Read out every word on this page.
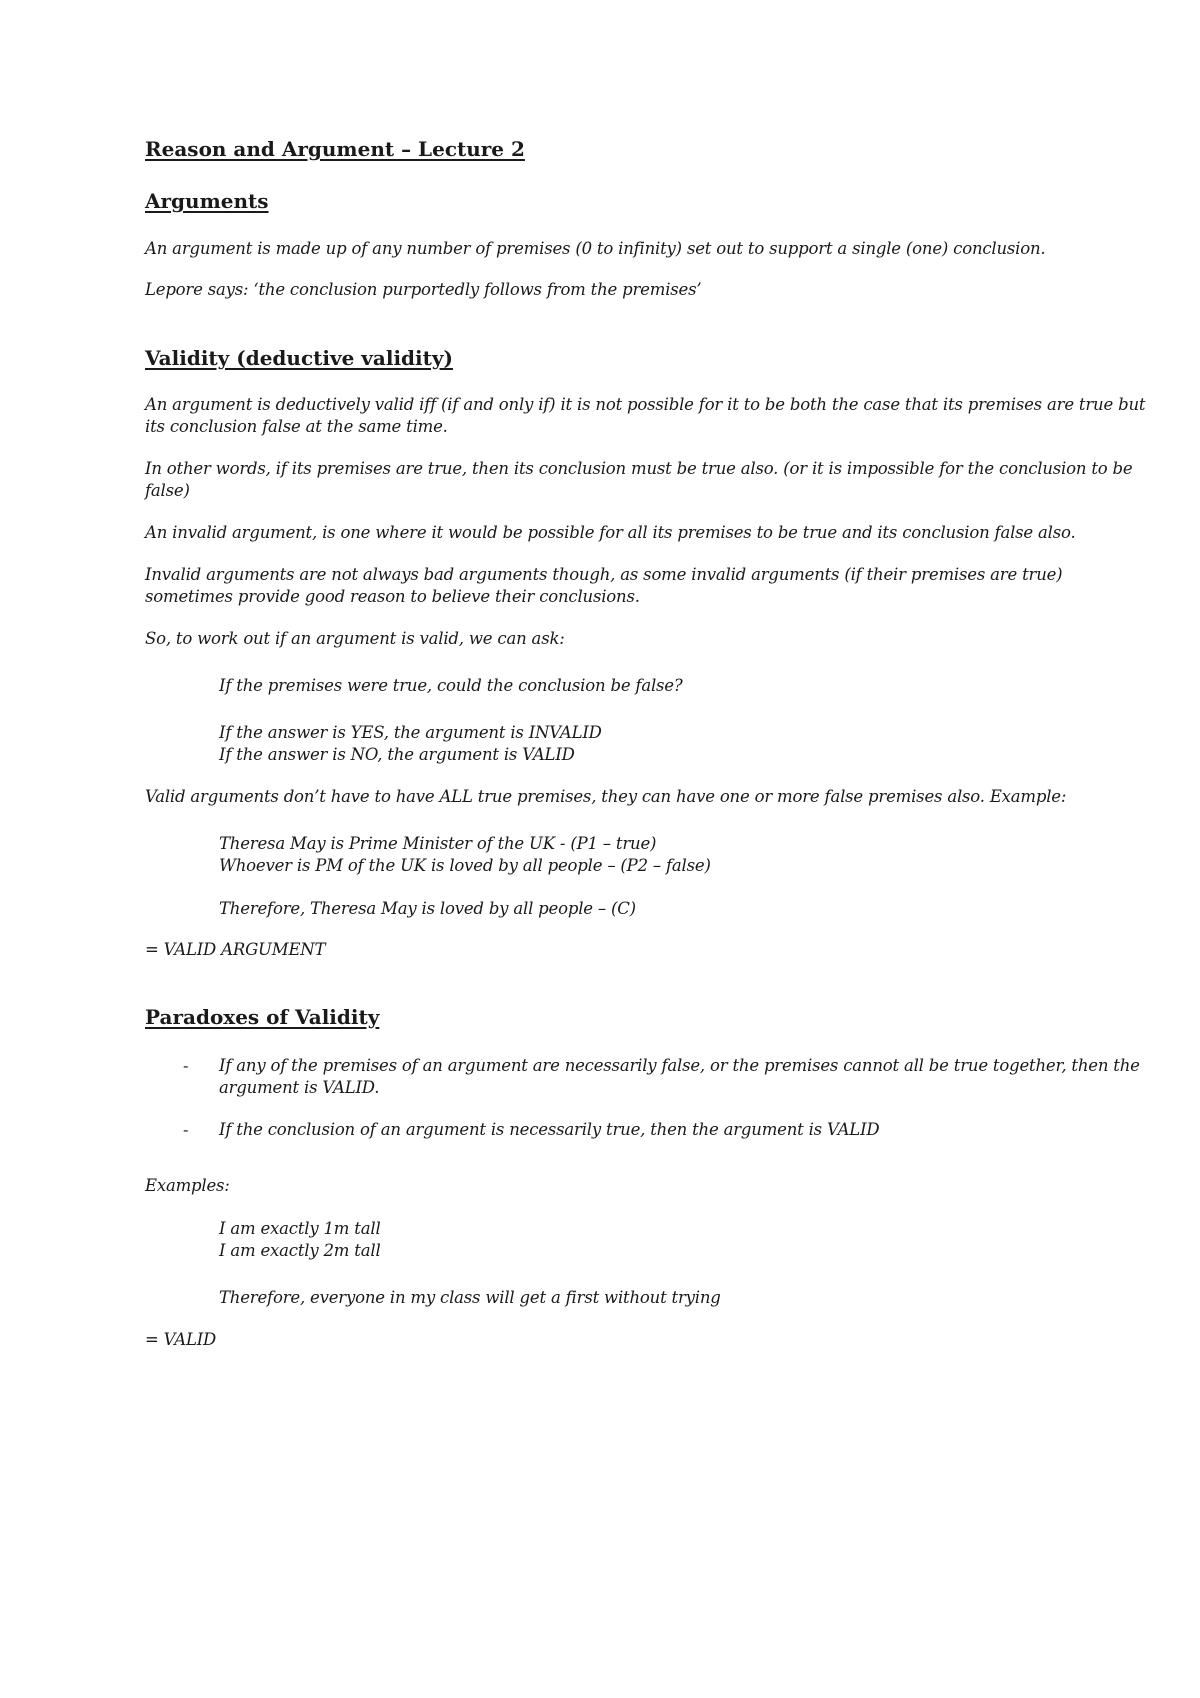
Reason and Argument – Lecture 2
Arguments
An argument is made up of any number of premises (0 to infinity) set out to support a single (one) conclusion.
Lepore says: ‘the conclusion purportedly follows from the premises’
Validity (deductive validity)
An argument is deductively valid iff (if and only if) it is not possible for it to be both the case that its premises are true but
its conclusion false at the same time.
In other words, if its premises are true, then its conclusion must be true also. (or it is impossible for the conclusion to be
false)
An invalid argument, is one where it would be possible for all its premises to be true and its conclusion false also.
Invalid arguments are not always bad arguments though, as some invalid arguments (if their premises are true)
sometimes provide good reason to believe their conclusions.
So, to work out if an argument is valid, we can ask:
If the premises were true, could the conclusion be false?
If the answer is YES, the argument is INVALID
If the answer is NO, the argument is VALID
Valid arguments don’t have to have ALL true premises, they can have one or more false premises also. Example:
Theresa May is Prime Minister of the UK - (P1 – true)
Whoever is PM of the UK is loved by all people – (P2 – false)
Therefore, Theresa May is loved by all people – (C)
= VALID ARGUMENT
Paradoxes of Validity
- If any of the premises of an argument are necessarily false, or the premises cannot all be true together, then the
argument is VALID.
- If the conclusion of an argument is necessarily true, then the argument is VALID
Examples:
I am exactly 1m tall
I am exactly 2m tall
Therefore, everyone in my class will get a first without trying
= VALID
